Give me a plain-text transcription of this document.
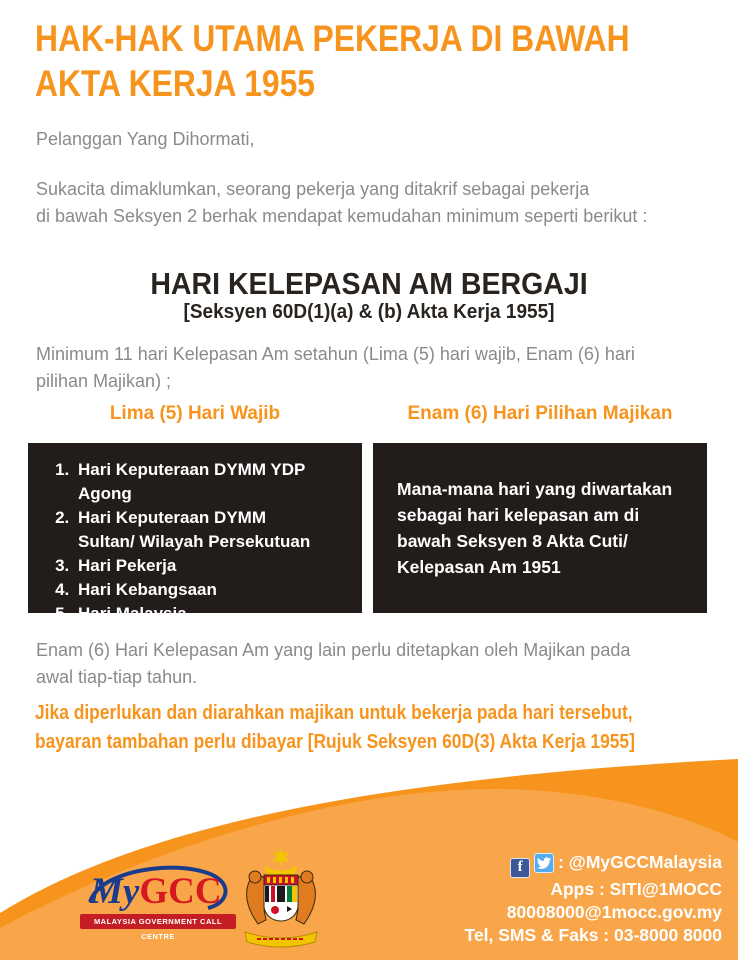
HAK-HAK UTAMA PEKERJA DI BAWAH
AKTA KERJA 1955
Pelanggan Yang Dihormati,
Sukacita dimaklumkan, seorang pekerja yang ditakrif sebagai pekerja
di bawah Seksyen 2 berhak mendapat kemudahan minimum seperti berikut :
HARI KELEPASAN AM BERGAJI
[Seksyen 60D(1)(a) & (b) Akta Kerja 1955]
Minimum 11 hari Kelepasan Am setahun (Lima (5) hari wajib, Enam (6) hari
pilihan Majikan) ;
Lima (5) Hari Wajib	Enam (6) Hari Pilihan Majikan
1. Hari Keputeraan DYMM YDP Agong
2. Hari Keputeraan DYMM Sultan/ Wilayah Persekutuan
3. Hari Pekerja
4. Hari Kebangsaan
5. Hari Malaysia

Mana-mana hari yang diwartakan sebagai hari kelepasan am di bawah Seksyen 8 Akta Cuti/ Kelepasan Am 1951

Enam (6) Hari Kelepasan Am yang lain perlu ditetapkan oleh Majikan pada
awal tiap-tiap tahun.
Jika diperlukan dan diarahkan majikan untuk bekerja pada hari tersebut,
bayaran tambahan perlu dibayar [Rujuk Seksyen 60D(3) Akta Kerja 1955]
MyGCC
MALAYSIA GOVERNMENT CALL CENTRE
f : @MyGCCMalaysia
Apps : SITI@1MOCC
80008000@1mocc.gov.my
Tel, SMS & Faks : 03-8000 8000
